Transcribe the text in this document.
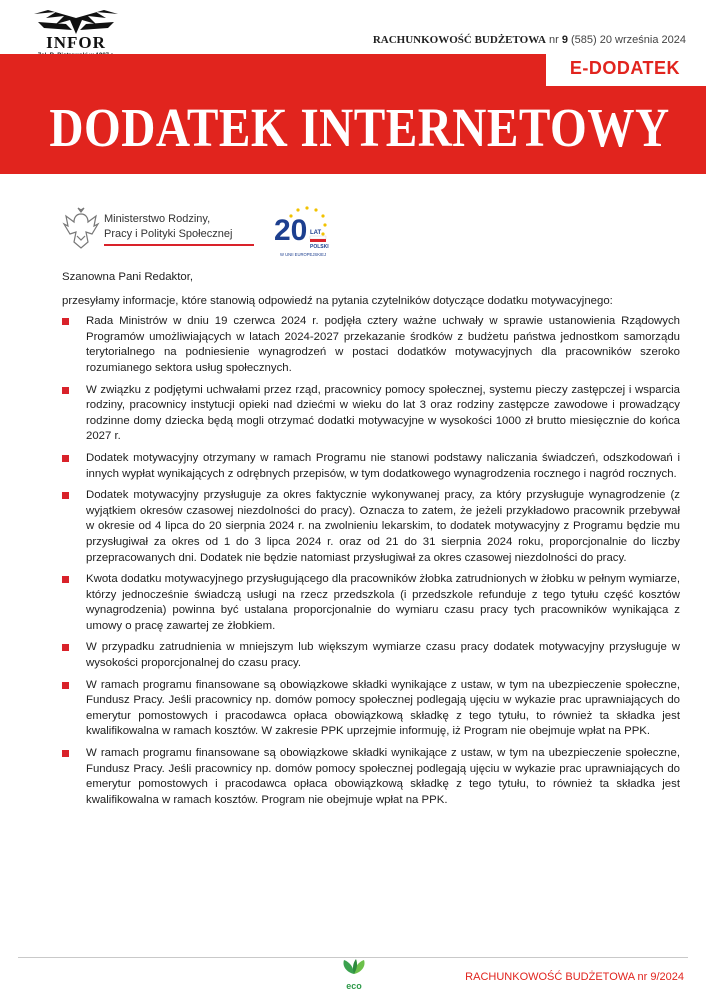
INFOR	RACHUNKOWOŚĆ BUDŻETOWA nr 9 (585) 20 września 2024
E-DODATEK
DODATEK INTERNETOWY
Ministerstwo Rodziny,
Pracy i Polityki Społecznej	20 LAT
POLSKI
W UNII EUROPEJSKIEJ

Szanowna Pani Redaktor,

przesyłamy informacje, które stanowią odpowiedź na pytania czytelników dotyczące dodatku motywacyjnego:

Rada Ministrów w dniu 19 czerwca 2024 r. podjęła cztery ważne uchwały w sprawie ustanowienia Rządowych Programów umożliwiających w latach 2024-2027 przekazanie środków z budżetu państwa jednostkom samorządu terytorialnego na podniesienie wynagrodzeń w postaci dodatków motywacyjnych dla pracowników szeroko rozumianego sektora usług społecznych.
W związku z podjętymi uchwałami przez rząd, pracownicy pomocy społecznej, systemu pieczy zastępczej i wsparcia rodziny, pracownicy instytucji opieki nad dziećmi w wieku do lat 3 oraz rodziny zastępcze zawodowe i prowadzący rodzinne domy dziecka będą mogli otrzymać dodatki motywacyjne w wysokości 1000 zł brutto miesięcznie do końca 2027 r.
Dodatek motywacyjny otrzymany w ramach Programu nie stanowi podstawy naliczania świadczeń, odszkodowań i innych wypłat wynikających z odrębnych przepisów, w tym dodatkowego wynagrodzenia rocznego i nagród rocznych.
Dodatek motywacyjny przysługuje za okres faktycznie wykonywanej pracy, za który przysługuje wynagrodzenie (z wyjątkiem okresów czasowej niezdolności do pracy). Oznacza to zatem, że jeżeli przykładowo pracownik przebywał w okresie od 4 lipca do 20 sierpnia 2024 r. na zwolnieniu lekarskim, to dodatek motywacyjny z Programu będzie mu przysługiwał za okres od 1 do 3 lipca 2024 r. oraz od 21 do 31 sierpnia 2024 roku, proporcjonalnie do liczby przepracowanych dni. Dodatek nie będzie natomiast przysługiwał za okres czasowej niezdolności do pracy.
Kwota dodatku motywacyjnego przysługującego dla pracowników żłobka zatrudnionych w żłobku w pełnym wymiarze, którzy jednocześnie świadczą usługi na rzecz przedszkola (i przedszkole refunduje z tego tytułu część kosztów wynagrodzenia) powinna być ustalana proporcjonalnie do wymiaru czasu pracy tych pracowników wynikająca z umowy o pracę zawartej ze żłobkiem.
W przypadku zatrudnienia w mniejszym lub większym wymiarze czasu pracy dodatek motywacyjny przysługuje w wysokości proporcjonalnej do czasu pracy.
W ramach programu finansowane są obowiązkowe składki wynikające z ustaw, w tym na ubezpieczenie społeczne, Fundusz Pracy. Jeśli pracownicy np. domów pomocy społecznej podlegają ujęciu w wykazie prac uprawniających do emerytur pomostowych i pracodawca opłaca obowiązkową składkę z tego tytułu, to również ta składka jest kwalifikowalna w ramach kosztów. W zakresie PPK uprzejmie informuję, iż Program nie obejmuje wpłat na PPK.
W ramach programu finansowane są obowiązkowe składki wynikające z ustaw, w tym na ubezpieczenie społeczne, Fundusz Pracy. Jeśli pracownicy np. domów pomocy społecznej podlegają ujęciu w wykazie prac uprawniających do emerytur pomostowych i pracodawca opłaca obowiązkową składkę z tego tytułu, to również ta składka jest kwalifikowalna w ramach kosztów. Program nie obejmuje wpłat na PPK.
eco
RACHUNKOWOŚĆ BUDŻETOWA nr 9/2024
